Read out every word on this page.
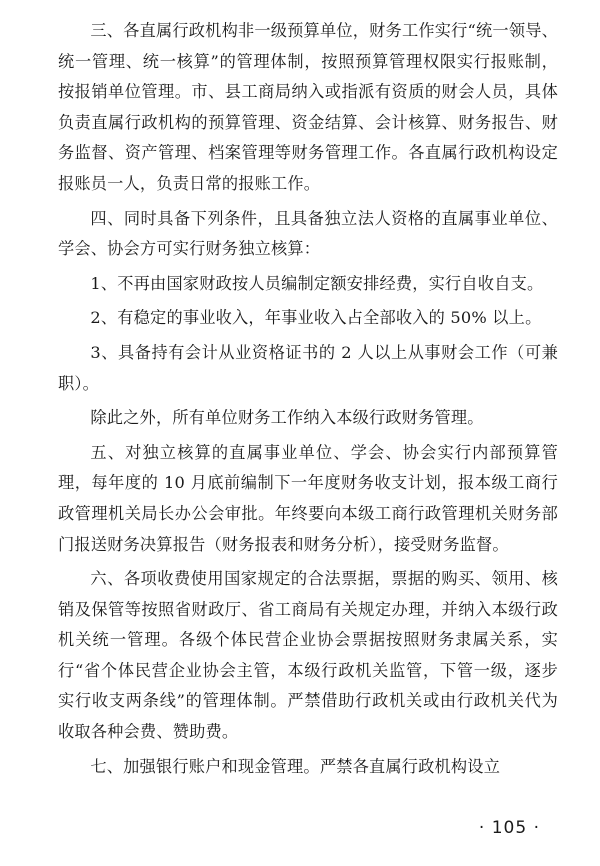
三、各直属行政机构非一级预算单位，财务工作实行“统一领导、统一管理、统一核算”的管理体制，按照预算管理权限实行报账制，按报销单位管理。市、县工商局纳入或指派有资质的财会人员，具体负责直属行政机构的预算管理、资金结算、会计核算、财务报告、财务监督、资产管理、档案管理等财务管理工作。各直属行政机构设定报账员一人，负责日常的报账工作。

四、同时具备下列条件，且具备独立法人资格的直属事业单位、学会、协会方可实行财务独立核算：

1、不再由国家财政按人员编制定额安排经费，实行自收自支。

2、有稳定的事业收入，年事业收入占全部收入的 50% 以上。

3、具备持有会计从业资格证书的 2 人以上从事财会工作（可兼职）。

除此之外，所有单位财务工作纳入本级行政财务管理。

五、对独立核算的直属事业单位、学会、协会实行内部预算管理，每年度的 10 月底前编制下一年度财务收支计划，报本级工商行政管理机关局长办公会审批。年终要向本级工商行政管理机关财务部门报送财务决算报告（财务报表和财务分析），接受财务监督。

六、各项收费使用国家规定的合法票据，票据的购买、领用、核销及保管等按照省财政厅、省工商局有关规定办理，并纳入本级行政机关统一管理。各级个体民营企业协会票据按照财务隶属关系，实行“省个体民营企业协会主管，本级行政机关监管，下管一级，逐步实行收支两条线”的管理体制。严禁借助行政机关或由行政机关代为收取各种会费、赞助费。

七、加强银行账户和现金管理。严禁各直属行政机构设立

· 105 ·
